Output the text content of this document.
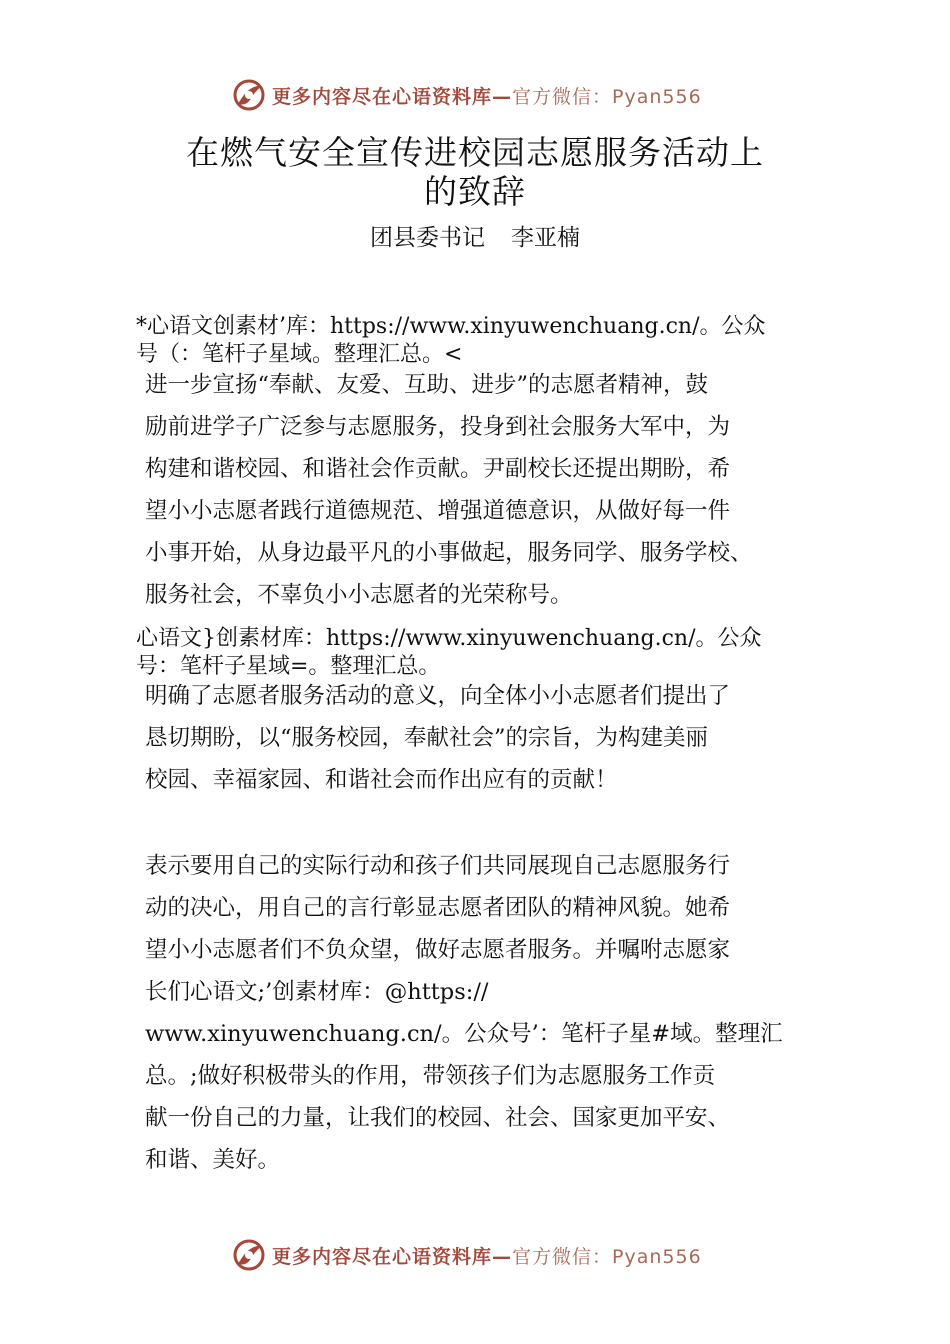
更多内容尽在心语资料库—官方微信：Pyan556
在燃气安全宣传进校园志愿服务活动上
的致辞
团县委书记 李亚楠
*心语文创素材’库：https://www.xinyuwenchuang.cn/。公众
号（：笔杆子星域。整理汇总。<
进一步宣扬“奉献、友爱、互助、进步”的志愿者精神，鼓
励前进学子广泛参与志愿服务，投身到社会服务大军中，为
构建和谐校园、和谐社会作贡献。尹副校长还提出期盼，希
望小小志愿者践行道德规范、增强道德意识，从做好每一件
小事开始，从身边最平凡的小事做起，服务同学、服务学校、
服务社会，不辜负小小志愿者的光荣称号。
心语文}创素材库：https://www.xinyuwenchuang.cn/。公众
号：笔杆子星域=。整理汇总。
明确了志愿者服务活动的意义，向全体小小志愿者们提出了
恳切期盼，以“服务校园，奉献社会”的宗旨，为构建美丽
校园、幸福家园、和谐社会而作出应有的贡献！
表示要用自己的实际行动和孩子们共同展现自己志愿服务行
动的决心，用自己的言行彰显志愿者团队的精神风貌。她希
望小小志愿者们不负众望，做好志愿者服务。并嘱咐志愿家
长们心语文;’创素材库：@https://
www.xinyuwenchuang.cn/。公众号’：笔杆子星#域。整理汇
总。;做好积极带头的作用，带领孩子们为志愿服务工作贡
献一份自己的力量，让我们的校园、社会、国家更加平安、
和谐、美好。
更多内容尽在心语资料库—官方微信：Pyan556
